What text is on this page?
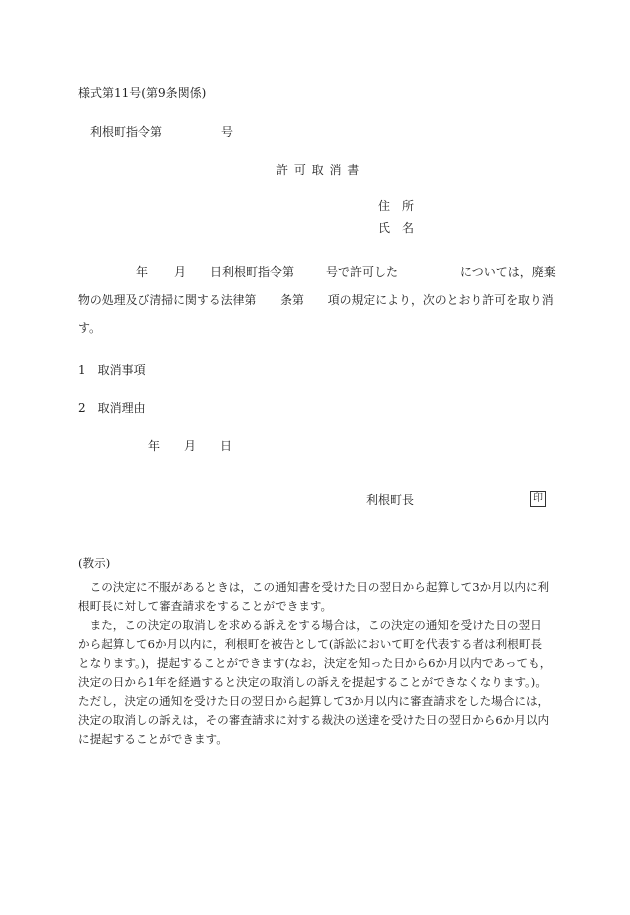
様式第11号(第9条関係)
利根町指令第	号
許 可 取 消 書
住　所
氏　名
年 月 日利根町指令第	号で許可した	については，廃棄
物の処理及び清掃に関する法律第　　条第　　項の規定により，次のとおり許可を取り消
す。
1　取消事項
2　取消理由
年 月 日
利根町長	印
(教示)

　この決定に不服があるときは，この通知書を受けた日の翌日から起算して3か月以内に利

根町長に対して審査請求をすることができます。

　また，この決定の取消しを求める訴えをする場合は，この決定の通知を受けた日の翌日

から起算して6か月以内に，利根町を被告として(訴訟において町を代表する者は利根町長

となります。)，提起することができます(なお，決定を知った日から6か月以内であっても，

決定の日から1年を経過すると決定の取消しの訴えを提起することができなくなります。)。

ただし，決定の通知を受けた日の翌日から起算して3か月以内に審査請求をした場合には，

決定の取消しの訴えは，その審査請求に対する裁決の送達を受けた日の翌日から6か月以内

に提起することができます。
